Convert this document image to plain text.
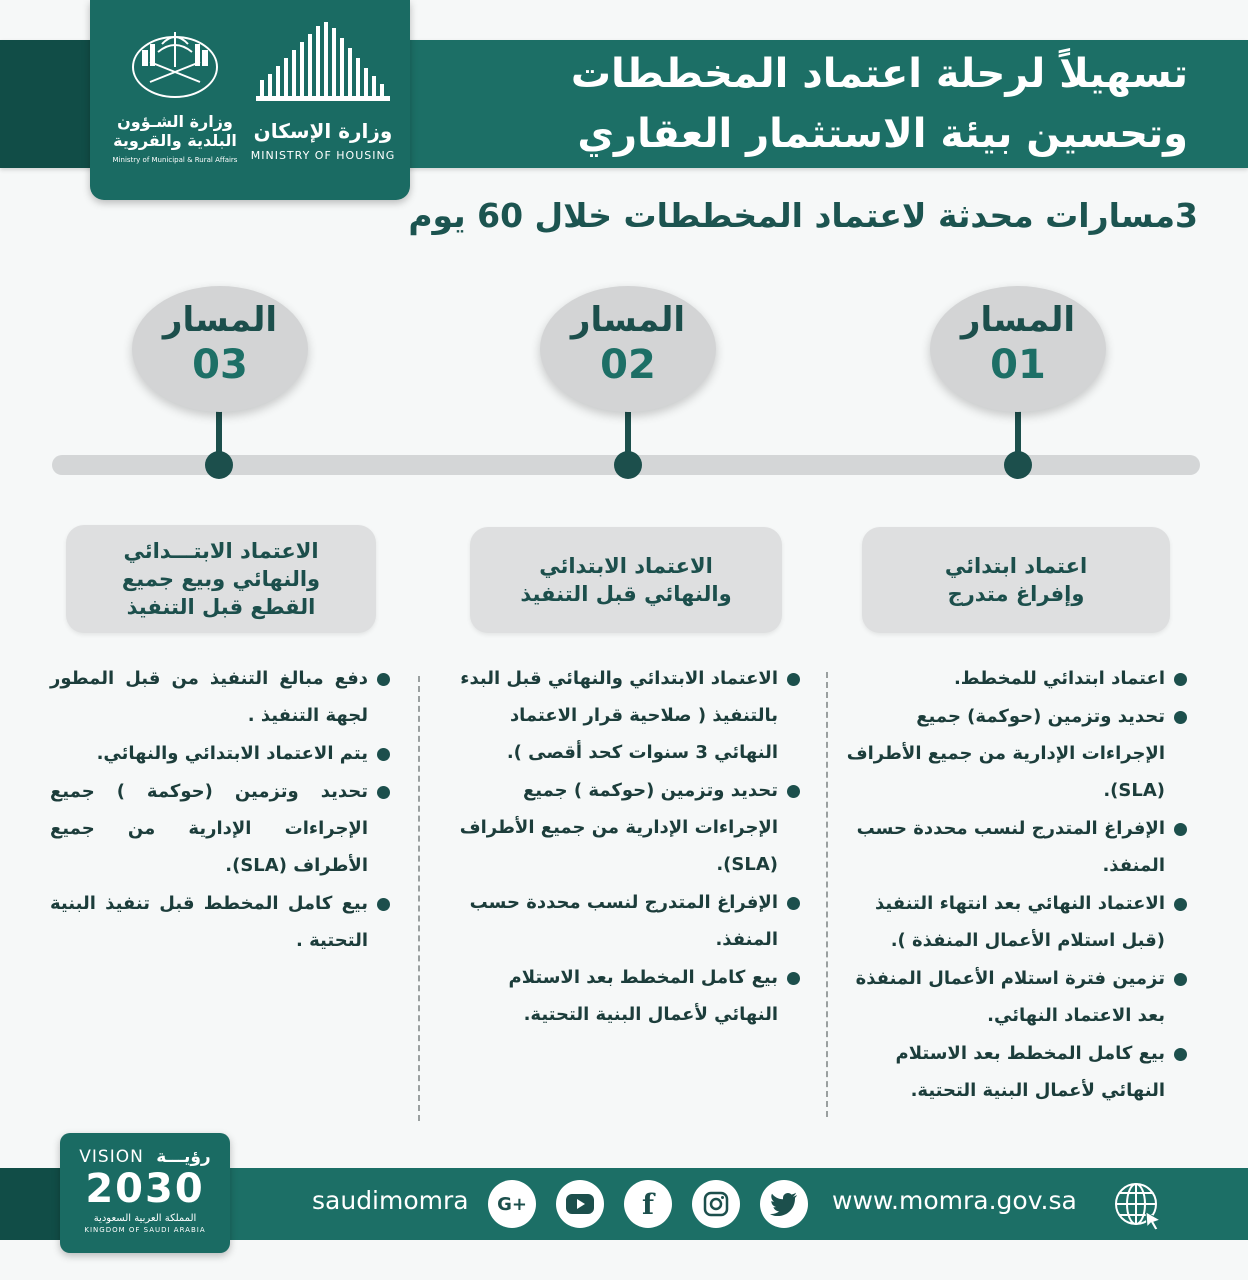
تسهيلاً لرحلة اعتماد المخططات
وتحسين بيئة الاستثمار العقاري
وزارة الشـؤون
البلدية والقروية
Ministry of Municipal & Rural Affairs
وزارة الإسكان
MINISTRY OF HOUSING
3مسارات محدثة لاعتماد المخططات خلال 60 يوم
المسار
01
المسار
02
المسار
03
اعتماد ابتدائي
وإفراغ متدرج
الاعتماد الابتدائي
والنهائي قبل التنفيذ
الاعتماد الابتـــدائي
والنهائي وبيع جميع
القطع قبل التنفيذ
اعتماد ابتدائي للمخطط.
تحديد وتزمين (حوكمة) جميع الإجراءات الإدارية من جميع الأطراف (SLA).
الإفراغ المتدرج لنسب محددة حسب المنفذ.
الاعتماد النهائي بعد انتهاء التنفيذ (قبل استلام الأعمال المنفذة ).
تزمين فترة استلام الأعمال المنفذة بعد الاعتماد النهائي.
بيع كامل المخطط بعد الاستلام النهائي لأعمال البنية التحتية.
الاعتماد الابتدائي والنهائي قبل البدء بالتنفيذ ( صلاحية قرار الاعتماد النهائي 3 سنوات كحد أقصى ).
تحديد وتزمين (حوكمة ) جميع الإجراءات الإدارية من جميع الأطراف (SLA).
الإفراغ المتدرج لنسب محددة حسب المنفذ.
بيع كامل المخطط بعد الاستلام النهائي لأعمال البنية التحتية.
دفع مبالغ التنفيذ من قبل المطور لجهة التنفيذ .
يتم الاعتماد الابتدائي والنهائي.
تحديد وتزمين (حوكمة ) جميع الإجراءات الإدارية من جميع الأطراف (SLA).
بيع كامل المخطط قبل تنفيذ البنية التحتية .
VISION رؤيـــة
2030
المملكة العربية السعودية
KINGDOM OF SAUDI ARABIA
saudimomra G+	f	www.momra.gov.sa
